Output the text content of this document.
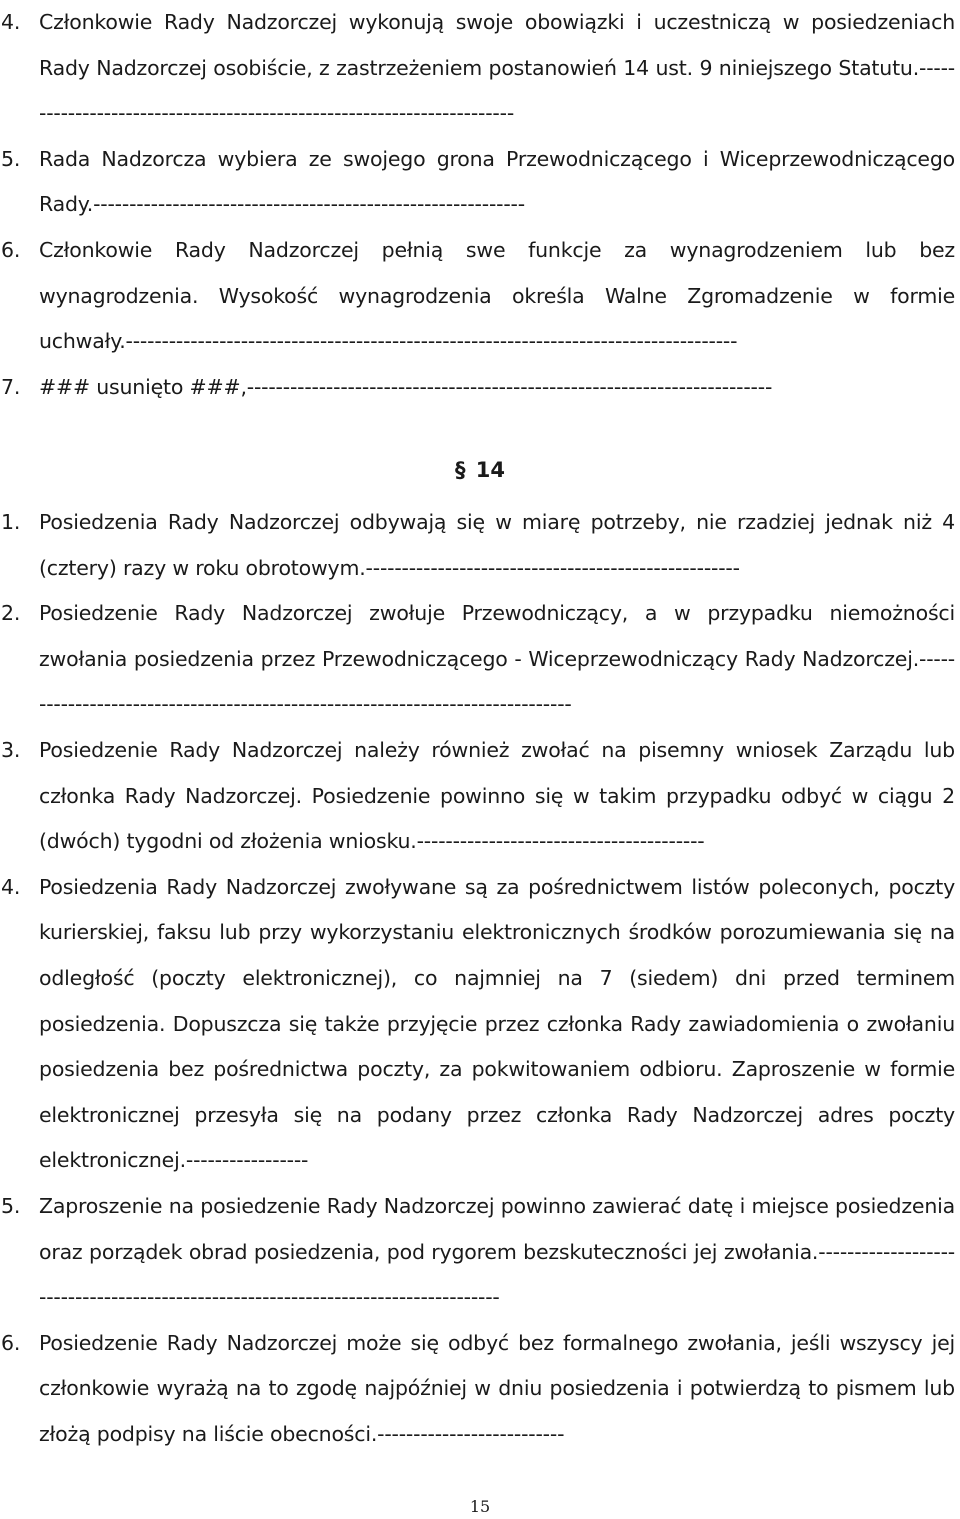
4. Członkowie Rady Nadzorczej wykonują swoje obowiązki i uczestniczą w posiedzeniach Rady Nadzorczej osobiście, z zastrzeżeniem postanowień 14 ust. 9 niniejszego Statutu.-----------------------------------------------------------------------
5. Rada Nadzorcza wybiera ze swojego grona Przewodniczącego i Wiceprzewodniczącego Rady.------------------------------------------------------------
6. Członkowie Rady Nadzorczej pełnią swe funkcje za wynagrodzeniem lub bez wynagrodzenia. Wysokość wynagrodzenia określa Walne Zgromadzenie w formie uchwały.-------------------------------------------------------------------------------------
7. ### usunięto ###,-------------------------------------------------------------------------
§ 14
1. Posiedzenia Rady Nadzorczej odbywają się w miarę potrzeby, nie rzadziej jednak niż 4 (cztery) razy w roku obrotowym.----------------------------------------------------
2. Posiedzenie Rady Nadzorczej zwołuje Przewodniczący, a w przypadku niemożności zwołania posiedzenia przez Przewodniczącego - Wiceprzewodniczący Rady Nadzorczej.-------------------------------------------------------------------------------
3. Posiedzenie Rady Nadzorczej należy również zwołać na pisemny wniosek Zarządu lub członka Rady Nadzorczej. Posiedzenie powinno się w takim przypadku odbyć w ciągu 2 (dwóch) tygodni od złożenia wniosku.----------------------------------------
4. Posiedzenia Rady Nadzorczej zwoływane są za pośrednictwem listów poleconych, poczty kurierskiej, faksu lub przy wykorzystaniu elektronicznych środków porozumiewania się na odległość (poczty elektronicznej), co najmniej na 7 (siedem) dni przed terminem posiedzenia. Dopuszcza się także przyjęcie przez członka Rady zawiadomienia o zwołaniu posiedzenia bez pośrednictwa poczty, za pokwitowaniem odbioru. Zaproszenie w formie elektronicznej przesyła się na podany przez członka Rady Nadzorczej adres poczty elektronicznej.-----------------
5. Zaproszenie na posiedzenie Rady Nadzorczej powinno zawierać datę i miejsce posiedzenia oraz porządek obrad posiedzenia, pod rygorem bezskuteczności jej zwołania.-----------------------------------------------------------------------------------
6. Posiedzenie Rady Nadzorczej może się odbyć bez formalnego zwołania, jeśli wszyscy jej członkowie wyrażą na to zgodę najpóźniej w dniu posiedzenia i potwierdzą to pismem lub złożą podpisy na liście obecności.--------------------------
15
